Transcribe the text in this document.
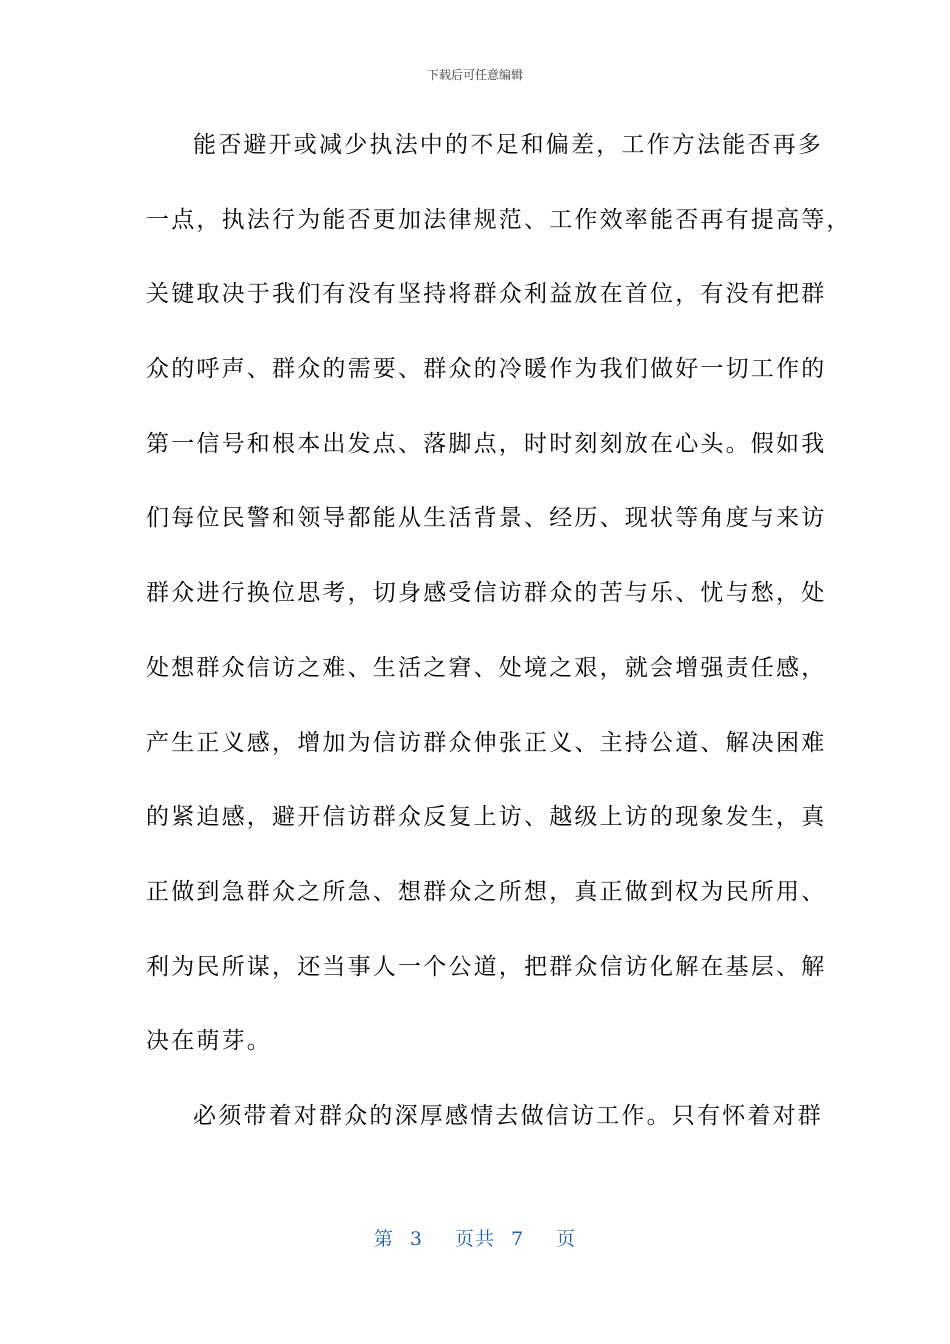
下载后可任意编辑
能否避开或减少执法中的不足和偏差，工作方法能否再多
一点，执法行为能否更加法律规范、工作效率能否再有提高等，
关键取决于我们有没有坚持将群众利益放在首位，有没有把群
众的呼声、群众的需要、群众的冷暖作为我们做好一切工作的
第一信号和根本出发点、落脚点，时时刻刻放在心头。假如我
们每位民警和领导都能从生活背景、经历、现状等角度与来访
群众进行换位思考，切身感受信访群众的苦与乐、忧与愁，处
处想群众信访之难、生活之窘、处境之艰，就会增强责任感，
产生正义感，增加为信访群众伸张正义、主持公道、解决困难
的紧迫感，避开信访群众反复上访、越级上访的现象发生，真
正做到急群众之所急、想群众之所想，真正做到权为民所用、
利为民所谋，还当事人一个公道，把群众信访化解在基层、解
决在萌芽。
必须带着对群众的深厚感情去做信访工作。只有怀着对群
第 3 页共 7 页
